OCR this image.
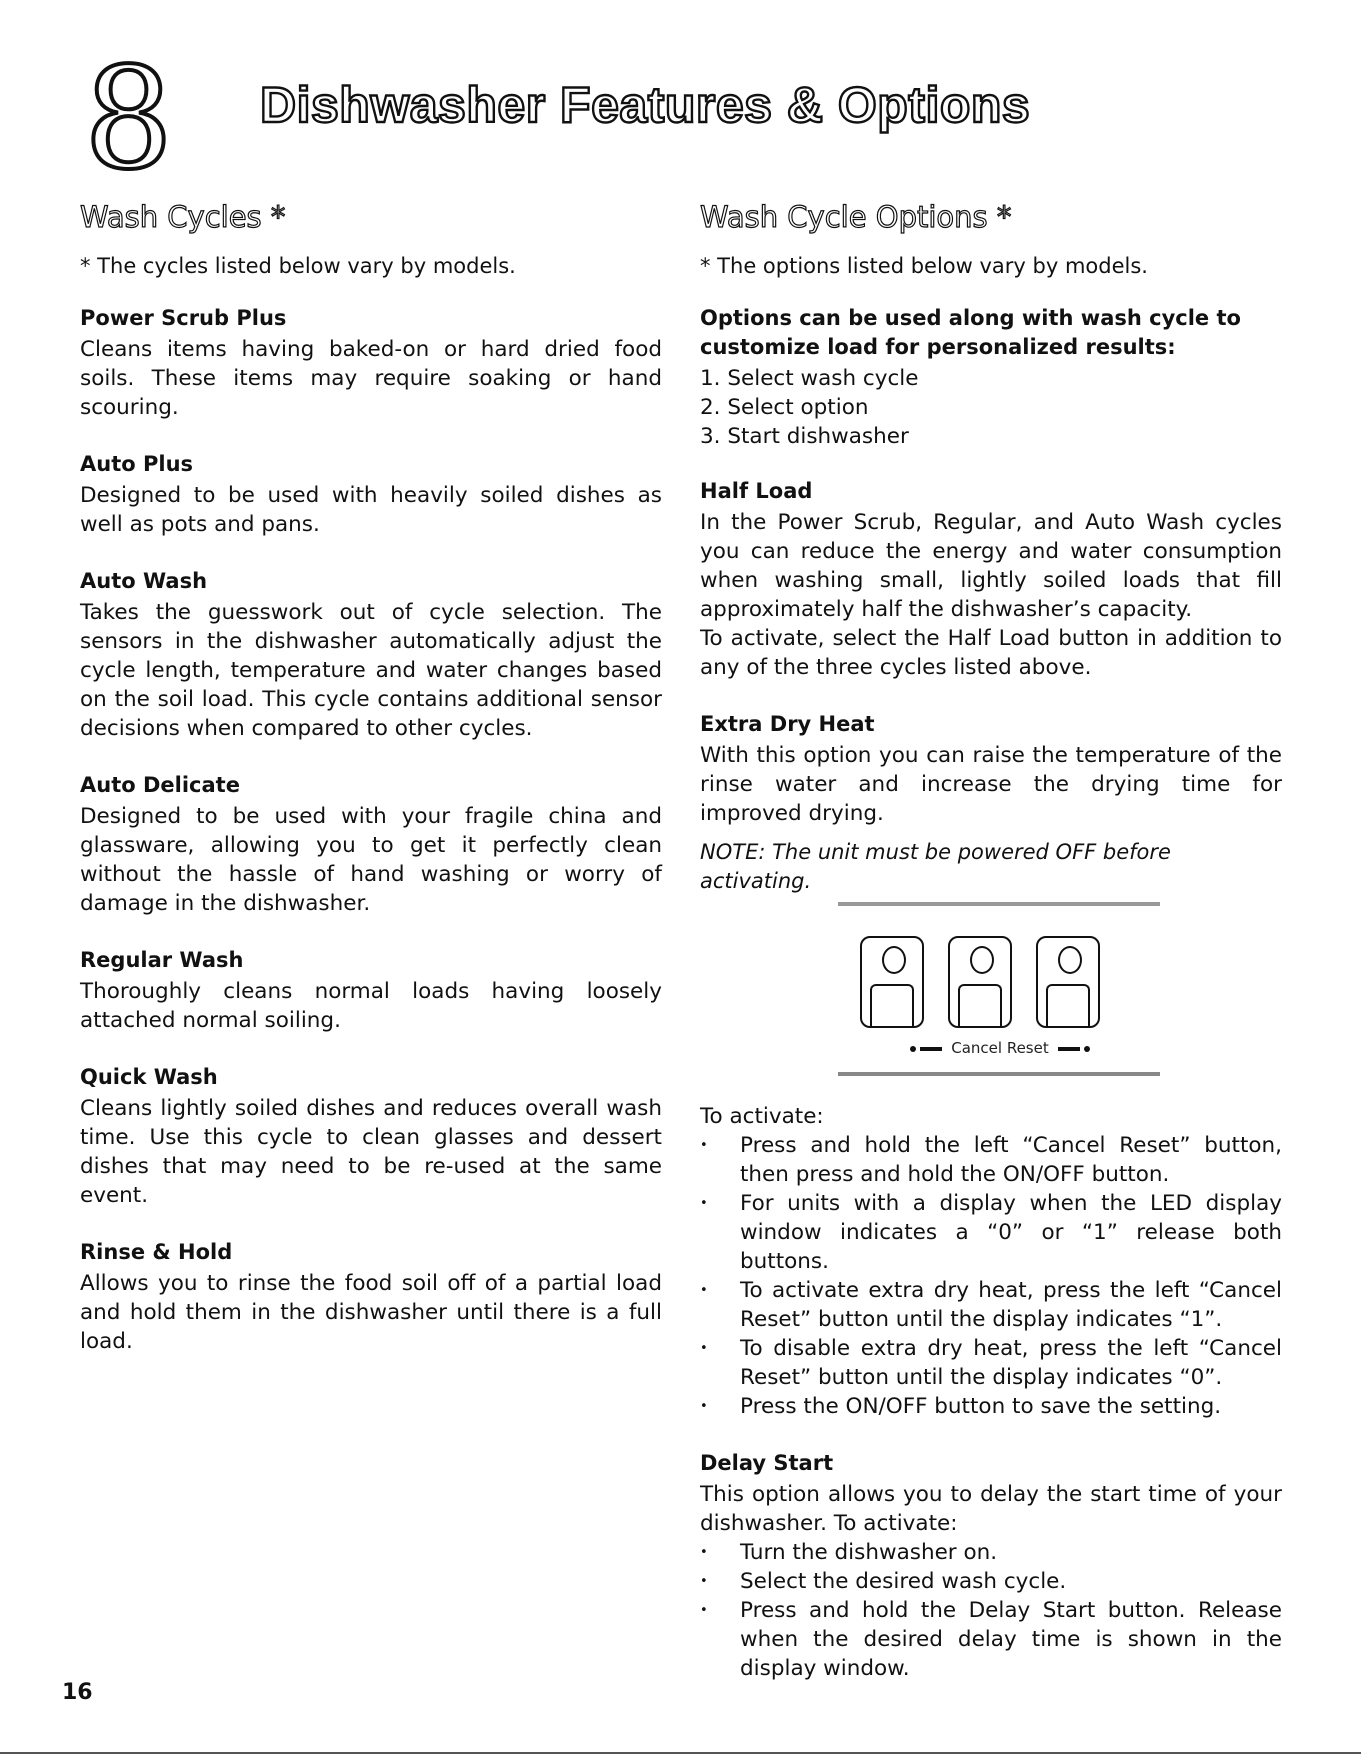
8 Dishwasher Features & Options
Wash Cycles *

* The cycles listed below vary by models.

Power Scrub Plus

Cleans items having baked-on or hard dried food soils. These items may require soaking or hand scouring.

Auto Plus

Designed to be used with heavily soiled dishes as well as pots and pans.

Auto Wash

Takes the guesswork out of cycle selection. The sensors in the dishwasher automatically adjust the cycle length, temperature and water changes based on the soil load. This cycle contains additional sensor decisions when compared to other cycles.

Auto Delicate

Designed to be used with your fragile china and glassware, allowing you to get it perfectly clean without the hassle of hand washing or worry of damage in the dishwasher.

Regular Wash

Thoroughly cleans normal loads having loosely attached normal soiling.

Quick Wash

Cleans lightly soiled dishes and reduces overall wash time. Use this cycle to clean glasses and dessert dishes that may need to be re-used at the same event.

Rinse & Hold

Allows you to rinse the food soil off of a partial load and hold them in the dishwasher until there is a full load.

Wash Cycle Options *

* The options listed below vary by models.

Options can be used along with wash cycle to customize load for personalized results:

1. Select wash cycle
2. Select option
3. Start dishwasher

Half Load

In the Power Scrub, Regular, and Auto Wash cycles you can reduce the energy and water consumption when washing small, lightly soiled loads that fill approximately half the dishwasher’s capacity.

To activate, select the Half Load button in addition to any of the three cycles listed above.

Extra Dry Heat

With this option you can raise the temperature of the rinse water and increase the drying time for improved drying.

NOTE: The unit must be powered OFF before activating.

Cancel Reset

To activate:

• Press and hold the left “Cancel Reset” button, then press and hold the ON/OFF button.
• For units with a display when the LED display window indicates a “0” or “1” release both buttons.
• To activate extra dry heat, press the left “Cancel Reset” button until the display indicates “1”.
• To disable extra dry heat, press the left “Cancel Reset” button until the display indicates “0”.
• Press the ON/OFF button to save the setting.

Delay Start

This option allows you to delay the start time of your dishwasher. To activate:

• Turn the dishwasher on.
• Select the desired wash cycle.
• Press and hold the Delay Start button. Release when the desired delay time is shown in the display window.
16
